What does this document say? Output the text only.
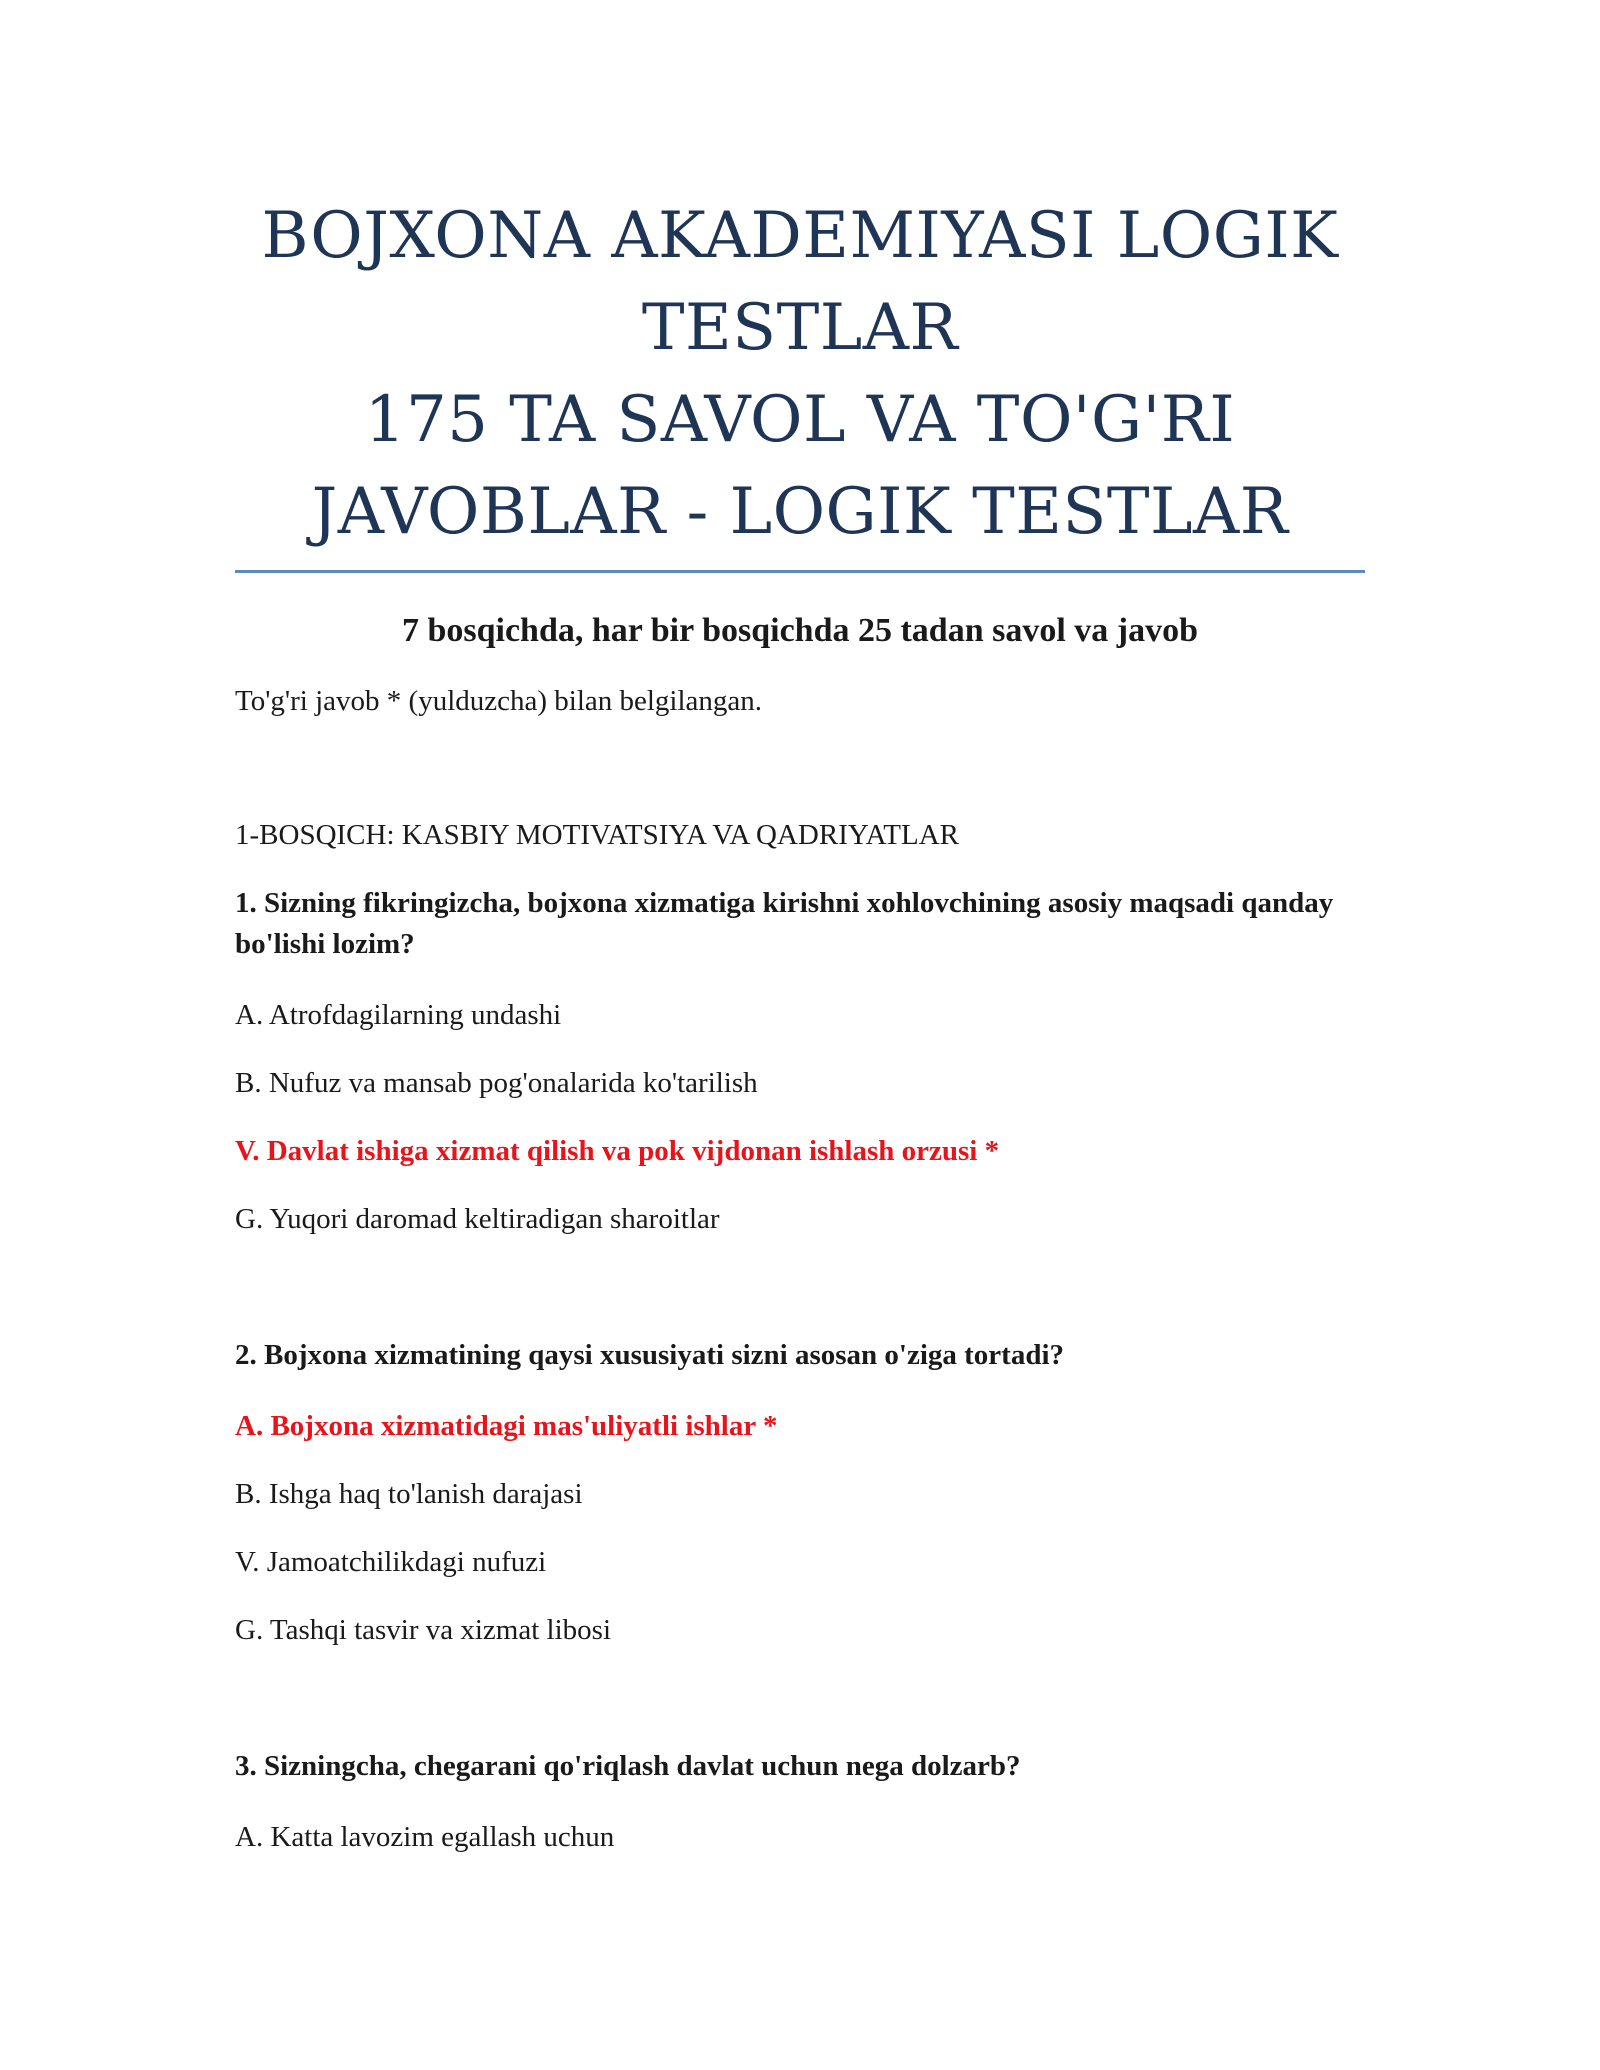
BOJXONA AKADEMIYASI LOGIK
TESTLAR
175 TA SAVOL VA TO'G'RI
JAVOBLAR - LOGIK TESTLAR

7 bosqichda, har bir bosqichda 25 tadan savol va javob

To'g'ri javob * (yulduzcha) bilan belgilangan.

1-BOSQICH: KASBIY MOTIVATSIYA VA QADRIYATLAR

1. Sizning fikringizcha, bojxona xizmatiga kirishni xohlovchining asosiy maqsadi qanday bo'lishi lozim?

A. Atrofdagilarning undashi

B. Nufuz va mansab pog'onalarida ko'tarilish

V. Davlat ishiga xizmat qilish va pok vijdonan ishlash orzusi *

G. Yuqori daromad keltiradigan sharoitlar

2. Bojxona xizmatining qaysi xususiyati sizni asosan o'ziga tortadi?

A. Bojxona xizmatidagi mas'uliyatli ishlar *

B. Ishga haq to'lanish darajasi

V. Jamoatchilikdagi nufuzi

G. Tashqi tasvir va xizmat libosi

3. Sizningcha, chegarani qo'riqlash davlat uchun nega dolzarb?

A. Katta lavozim egallash uchun
